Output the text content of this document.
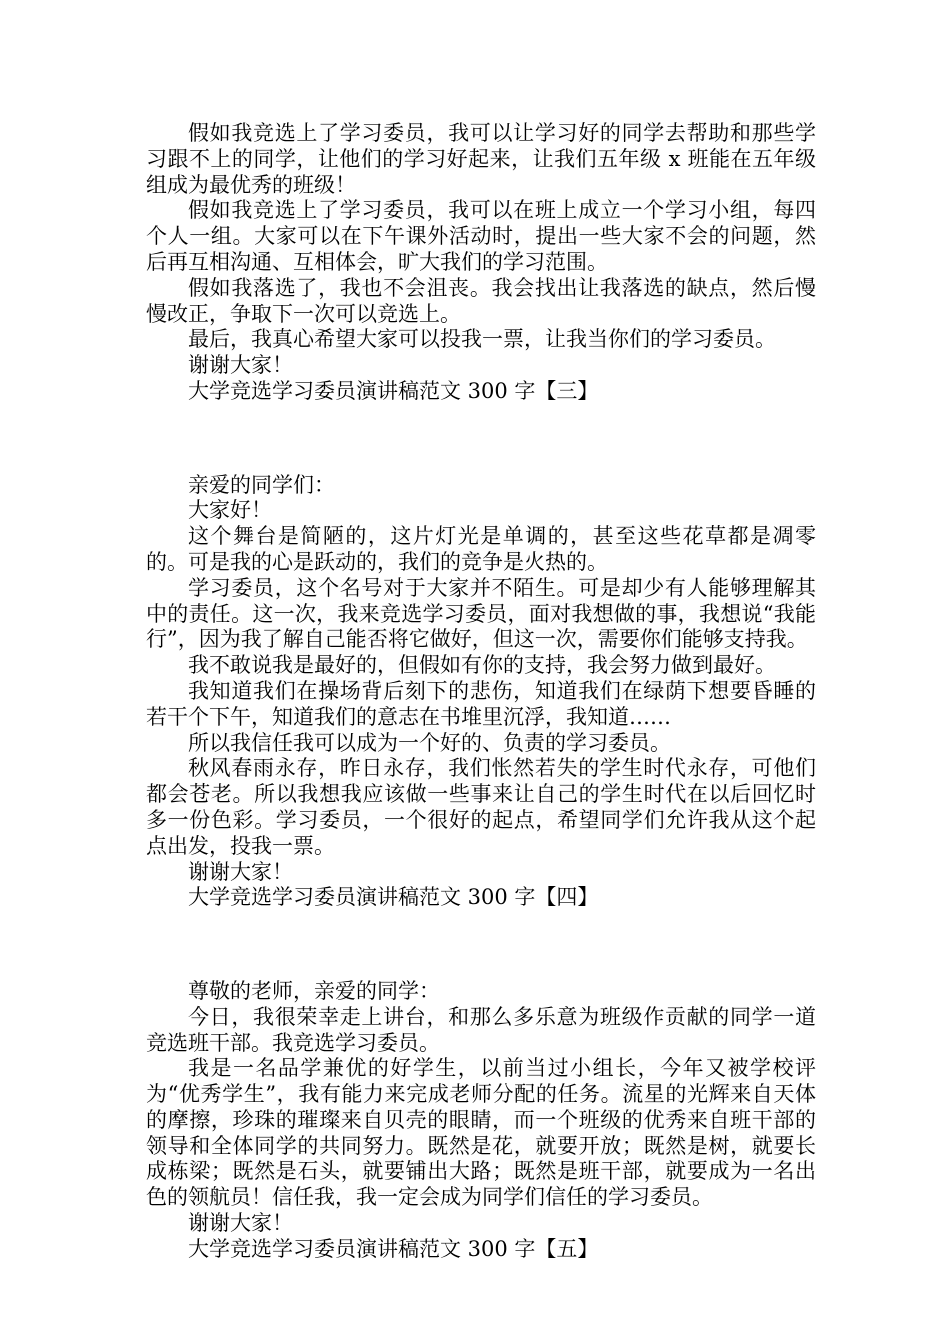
假如我竞选上了学习委员，我可以让学习好的同学去帮助和那些学习跟不上的同学，让他们的学习好起来，让我们五年级 x 班能在五年级组成为最优秀的班级！

假如我竞选上了学习委员，我可以在班上成立一个学习小组，每四个人一组。大家可以在下午课外活动时，提出一些大家不会的问题，然后再互相沟通、互相体会，旷大我们的学习范围。

假如我落选了，我也不会沮丧。我会找出让我落选的缺点，然后慢慢改正，争取下一次可以竞选上。

最后，我真心希望大家可以投我一票，让我当你们的学习委员。

谢谢大家！

大学竞选学习委员演讲稿范文 300 字【三】

亲爱的同学们：

大家好！

这个舞台是简陋的，这片灯光是单调的，甚至这些花草都是凋零的。可是我的心是跃动的，我们的竞争是火热的。

学习委员，这个名号对于大家并不陌生。可是却少有人能够理解其中的责任。这一次，我来竞选学习委员，面对我想做的事，我想说“我能行”，因为我了解自己能否将它做好，但这一次，需要你们能够支持我。

我不敢说我是最好的，但假如有你的支持，我会努力做到最好。

我知道我们在操场背后刻下的悲伤，知道我们在绿荫下想要昏睡的若干个下午，知道我们的意志在书堆里沉浮，我知道……

所以我信任我可以成为一个好的、负责的学习委员。

秋风春雨永存，昨日永存，我们怅然若失的学生时代永存，可他们都会苍老。所以我想我应该做一些事来让自己的学生时代在以后回忆时多一份色彩。学习委员，一个很好的起点，希望同学们允许我从这个起点出发，投我一票。

谢谢大家！

大学竞选学习委员演讲稿范文 300 字【四】

尊敬的老师，亲爱的同学：

今日，我很荣幸走上讲台，和那么多乐意为班级作贡献的同学一道竞选班干部。我竞选学习委员。

我是一名品学兼优的好学生，以前当过小组长，今年又被学校评为“优秀学生”，我有能力来完成老师分配的任务。流星的光辉来自天体的摩擦，珍珠的璀璨来自贝壳的眼睛，而一个班级的优秀来自班干部的领导和全体同学的共同努力。既然是花，就要开放；既然是树，就要长成栋梁；既然是石头，就要铺出大路；既然是班干部，就要成为一名出色的领航员！信任我，我一定会成为同学们信任的学习委员。

谢谢大家！

大学竞选学习委员演讲稿范文 300 字【五】
